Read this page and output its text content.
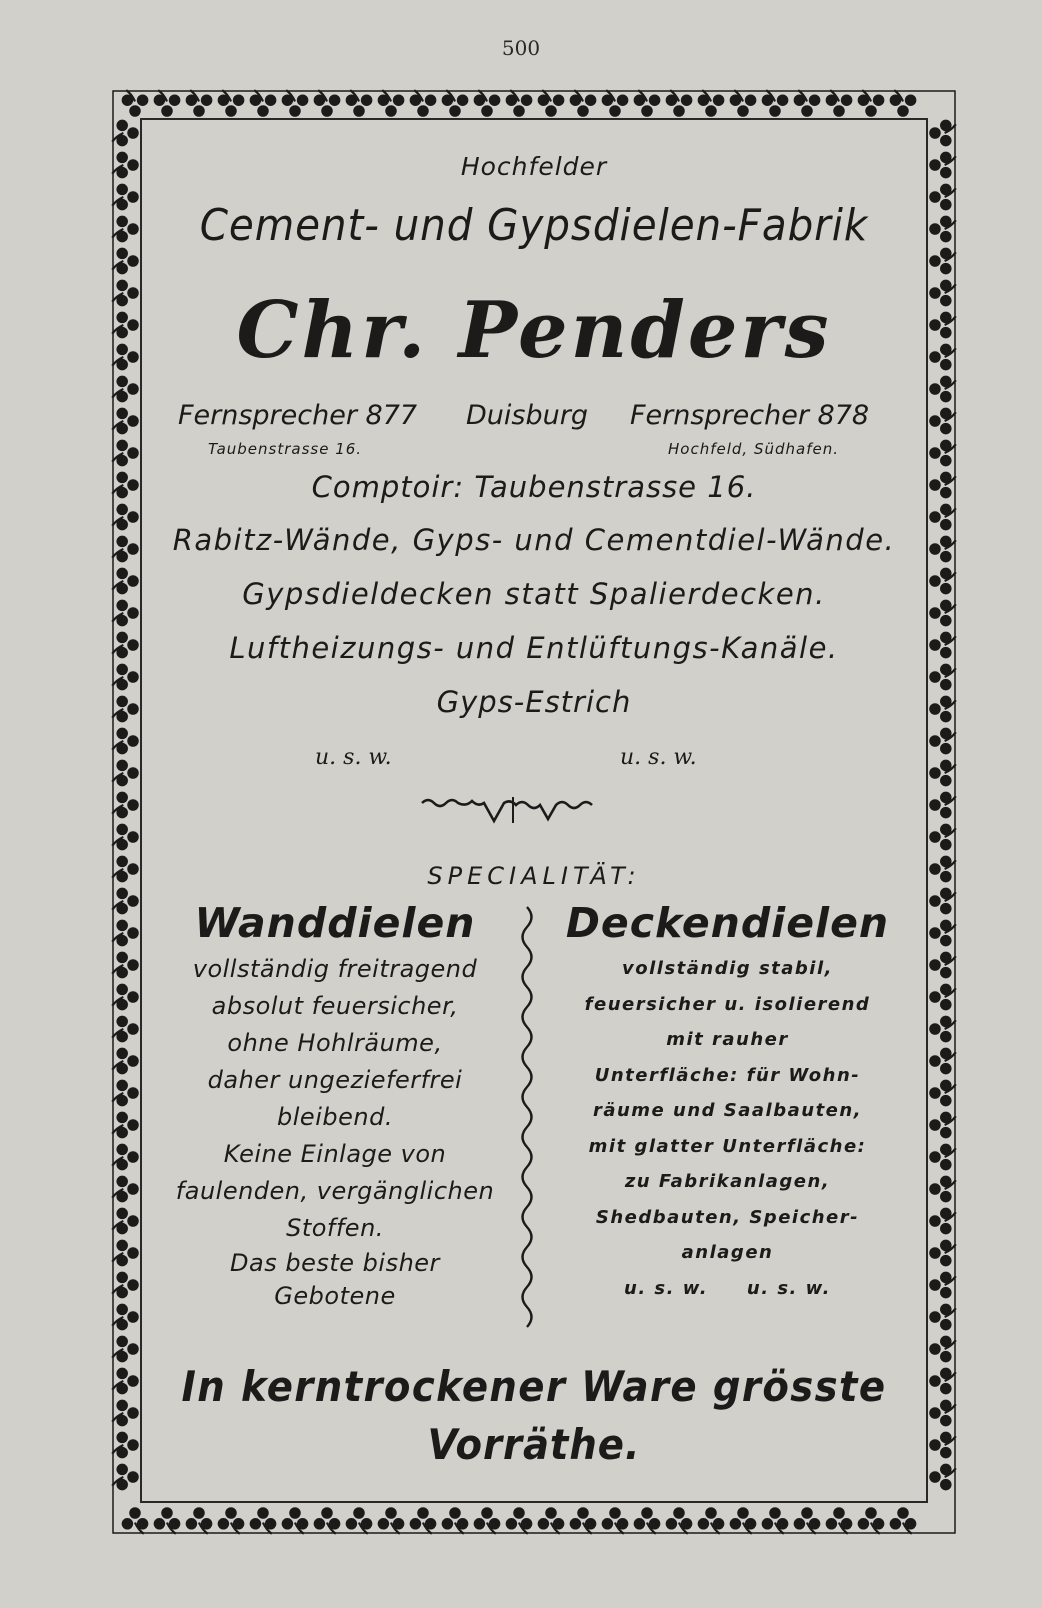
500
Hochfelder
Cement- und Gypsdielen-Fabrik
Chr. Penders
Fernsprecher 877 Duisburg Fernsprecher 878
Taubenstrasse 16.	Hochfeld, Südhafen.
Comptoir: Taubenstrasse 16.
Rabitz-Wände, Gyps- und Cementdiel-Wände.
Gypsdieldecken statt Spalierdecken.
Luftheizungs- und Entlüftungs-Kanäle.
Gyps-Estrich
u. s. w.	u. s. w.
SPECIALITÄT:
Wanddielen
vollständig freitragend
absolut feuersicher,
ohne Hohlräume,
daher ungezieferfrei
bleibend.
Keine Einlage von
faulenden, vergänglichen
Stoffen.
Das beste bisher
Gebotene
Deckendielen
vollständig stabil,
feuersicher u. isolierend
mit rauher
Unterfläche: für Wohn-
räume und Saalbauten,
mit glatter Unterfläche:
zu Fabrikanlagen,
Shedbauten, Speicher-
anlagen
u. s. w.     u. s. w.
In kerntrockener Ware grösste
Vorräthe.
